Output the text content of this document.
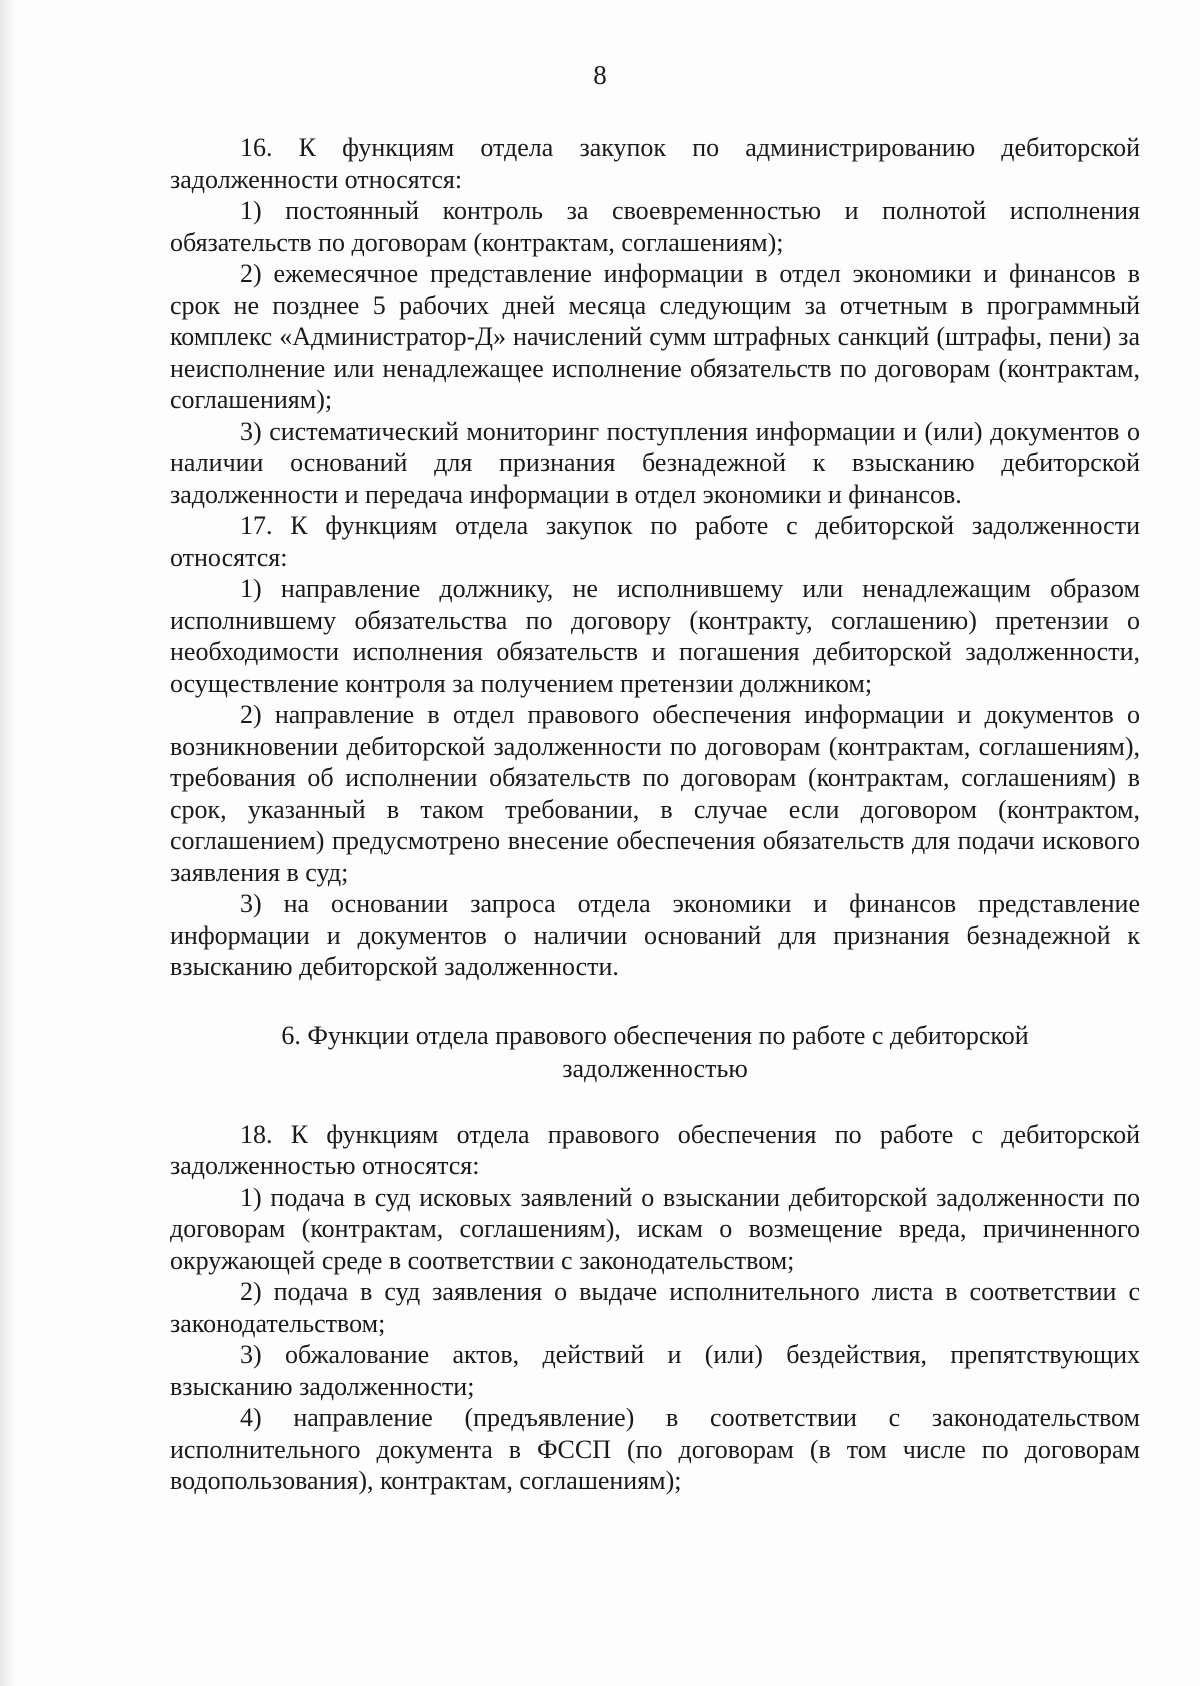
8

16. К функциям отдела закупок по администрированию дебиторской задолженности относятся:

1) постоянный контроль за своевременностью и полнотой исполнения обязательств по договорам (контрактам, соглашениям);

2) ежемесячное представление информации в отдел экономики и финансов в срок не позднее 5 рабочих дней месяца следующим за отчетным в программный комплекс «Администратор-Д» начислений сумм штрафных санкций (штрафы, пени) за неисполнение или ненадлежащее исполнение обязательств по договорам (контрактам, соглашениям);

3) систематический мониторинг поступления информации и (или) документов о наличии оснований для признания безнадежной к взысканию дебиторской задолженности и передача информации в отдел экономики и финансов.

17. К функциям отдела закупок по работе с дебиторской задолженности относятся:

1) направление должнику, не исполнившему или ненадлежащим образом исполнившему обязательства по договору (контракту, соглашению) претензии о необходимости исполнения обязательств и погашения дебиторской задолженности, осуществление контроля за получением претензии должником;

2) направление в отдел правового обеспечения информации и документов о возникновении дебиторской задолженности по договорам (контрактам, соглашениям), требования об исполнении обязательств по договорам (контрактам, соглашениям) в срок, указанный в таком требовании, в случае если договором (контрактом, соглашением) предусмотрено внесение обеспечения обязательств для подачи искового заявления в суд;

3) на основании запроса отдела экономики и финансов представление информации и документов о наличии оснований для признания безнадежной к взысканию дебиторской задолженности.

6. Функции отдела правового обеспечения по работе с дебиторской задолженностью

18. К функциям отдела правового обеспечения по работе с дебиторской задолженностью относятся:

1) подача в суд исковых заявлений о взыскании дебиторской задолженности по договорам (контрактам, соглашениям), искам о возмещение вреда, причиненного окружающей среде в соответствии с законодательством;

2) подача в суд заявления о выдаче исполнительного листа в соответствии с законодательством;

3) обжалование актов, действий и (или) бездействия, препятствующих взысканию задолженности;

4) направление (предъявление) в соответствии с законодательством исполнительного документа в ФССП (по договорам (в том числе по договорам водопользования), контрактам, соглашениям);
